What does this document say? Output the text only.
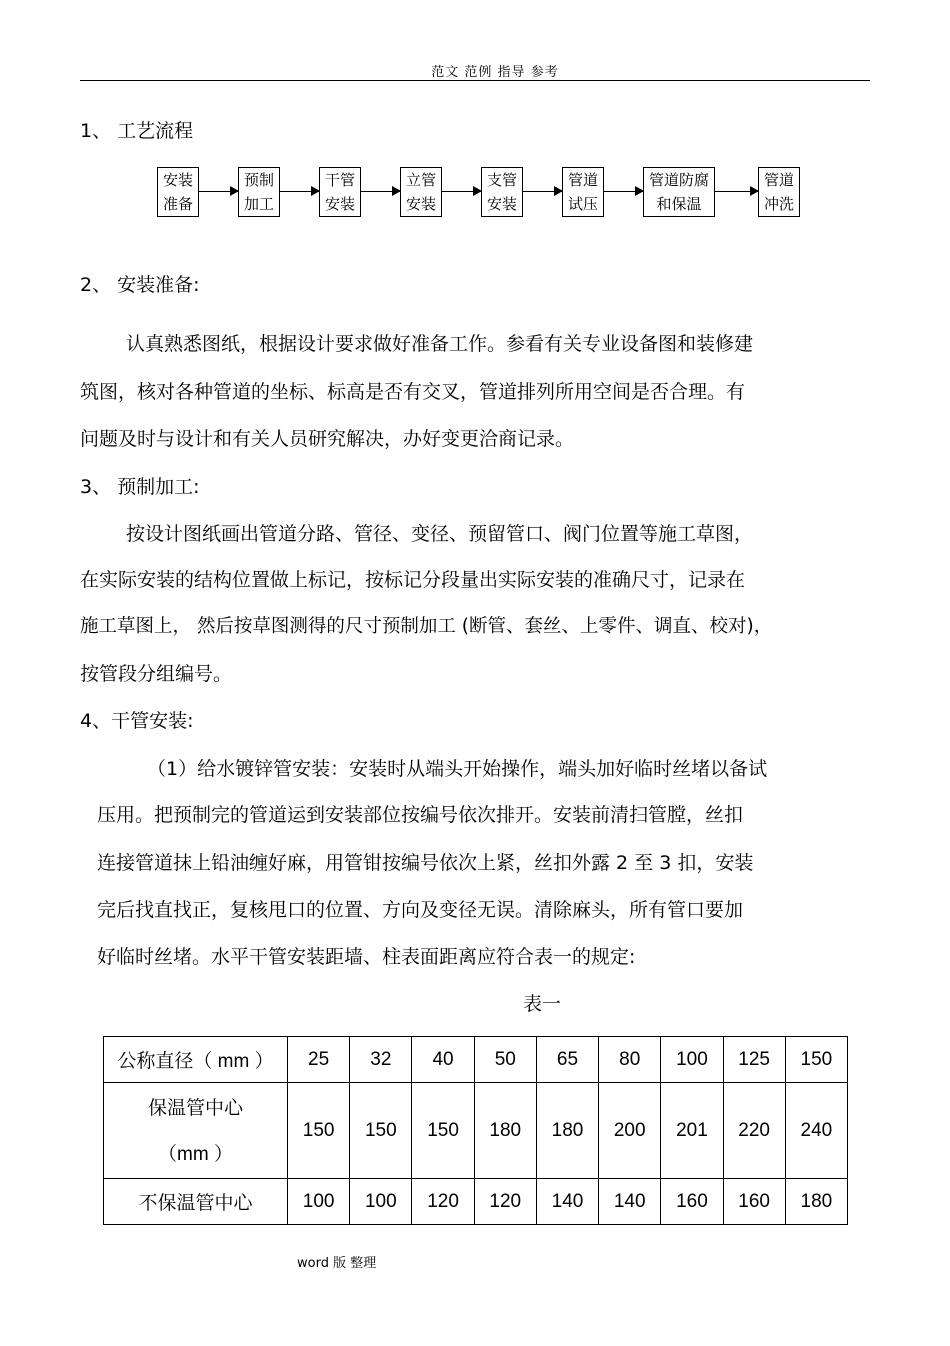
范文 范例 指导 参考
1、 工艺流程
安装
准备
预制
加工
干管
安装
立管
安装
支管
安装
管道
试压
管道防腐
和保温
管道
冲洗
2、 安装准备:
认真熟悉图纸，根据设计要求做好准备工作。参看有关专业设备图和装修建
筑图，核对各种管道的坐标、标高是否有交叉，管道排列所用空间是否合理。有
问题及时与设计和有关人员研究解决，办好变更洽商记录。
3、 预制加工:
按设计图纸画出管道分路、管径、变径、预留管口、阀门位置等施工草图，
在实际安装的结构位置做上标记，按标记分段量出实际安装的准确尺寸，记录在
施工草图上， 然后按草图测得的尺寸预制加工 (断管、套丝、上零件、调直、校对)，
按管段分组编号。
4、干管安装:
（1）给水镀锌管安装：安装时从端头开始操作，端头加好临时丝堵以备试
压用。把预制完的管道运到安装部位按编号依次排开。安装前清扫管膛，丝扣
连接管道抹上铅油缠好麻，用管钳按编号依次上紧，丝扣外露 2 至 3 扣，安装
完后找直找正，复核甩口的位置、方向及变径无误。清除麻头，所有管口要加
好临时丝堵。水平干管安装距墙、柱表面距离应符合表一的规定:
表一
公称直径（ mm ）	25	32	40	50	65	80	100	125	150

保温管中心
（mm ）	150	150	150	180	180	200	201	220	240
不保温管中心	100	100	120	120	140	140	160	160	180
word 版 整理
